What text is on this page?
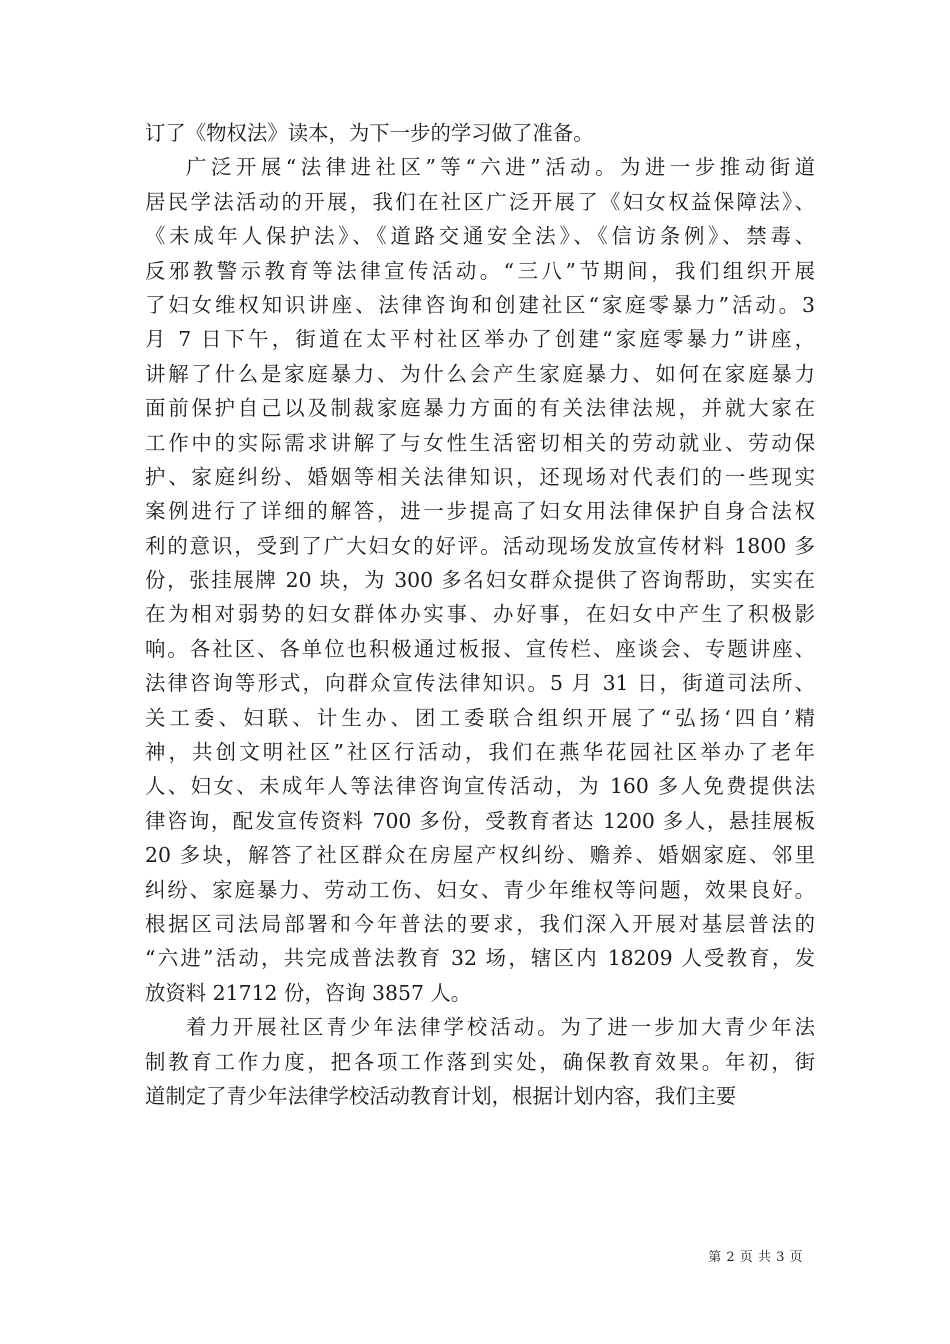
订了《物权法》读本，为下一步的学习做了准备。
广泛开展“法律进社区”等“六进”活动。为进一步推动街道
居民学法活动的开展，我们在社区广泛开展了《妇女权益保障法》、
《未成年人保护法》、《道路交通安全法》、《信访条例》、禁毒、
反邪教警示教育等法律宣传活动。“三八”节期间，我们组织开展
了妇女维权知识讲座、法律咨询和创建社区“家庭零暴力”活动。3
月 7 日下午，街道在太平村社区举办了创建“家庭零暴力”讲座，
讲解了什么是家庭暴力、为什么会产生家庭暴力、如何在家庭暴力
面前保护自己以及制裁家庭暴力方面的有关法律法规，并就大家在
工作中的实际需求讲解了与女性生活密切相关的劳动就业、劳动保
护、家庭纠纷、婚姻等相关法律知识，还现场对代表们的一些现实
案例进行了详细的解答，进一步提高了妇女用法律保护自身合法权
利的意识，受到了广大妇女的好评。活动现场发放宣传材料 1800 多
份，张挂展牌 20 块，为 300 多名妇女群众提供了咨询帮助，实实在
在为相对弱势的妇女群体办实事、办好事，在妇女中产生了积极影
响。各社区、各单位也积极通过板报、宣传栏、座谈会、专题讲座、
法律咨询等形式，向群众宣传法律知识。5 月 31 日，街道司法所、
关工委、妇联、计生办、团工委联合组织开展了“弘扬‘四自’精
神，共创文明社区”社区行活动，我们在燕华花园社区举办了老年
人、妇女、未成年人等法律咨询宣传活动，为 160 多人免费提供法
律咨询，配发宣传资料 700 多份，受教育者达 1200 多人，悬挂展板
20 多块，解答了社区群众在房屋产权纠纷、赡养、婚姻家庭、邻里
纠纷、家庭暴力、劳动工伤、妇女、青少年维权等问题，效果良好。
根据区司法局部署和今年普法的要求，我们深入开展对基层普法的
“六进”活动，共完成普法教育 32 场，辖区内 18209 人受教育，发
放资料 21712 份，咨询 3857 人。
着力开展社区青少年法律学校活动。为了进一步加大青少年法
制教育工作力度，把各项工作落到实处，确保教育效果。年初，街
道制定了青少年法律学校活动教育计划，根据计划内容，我们主要
第 2 页 共 3 页
